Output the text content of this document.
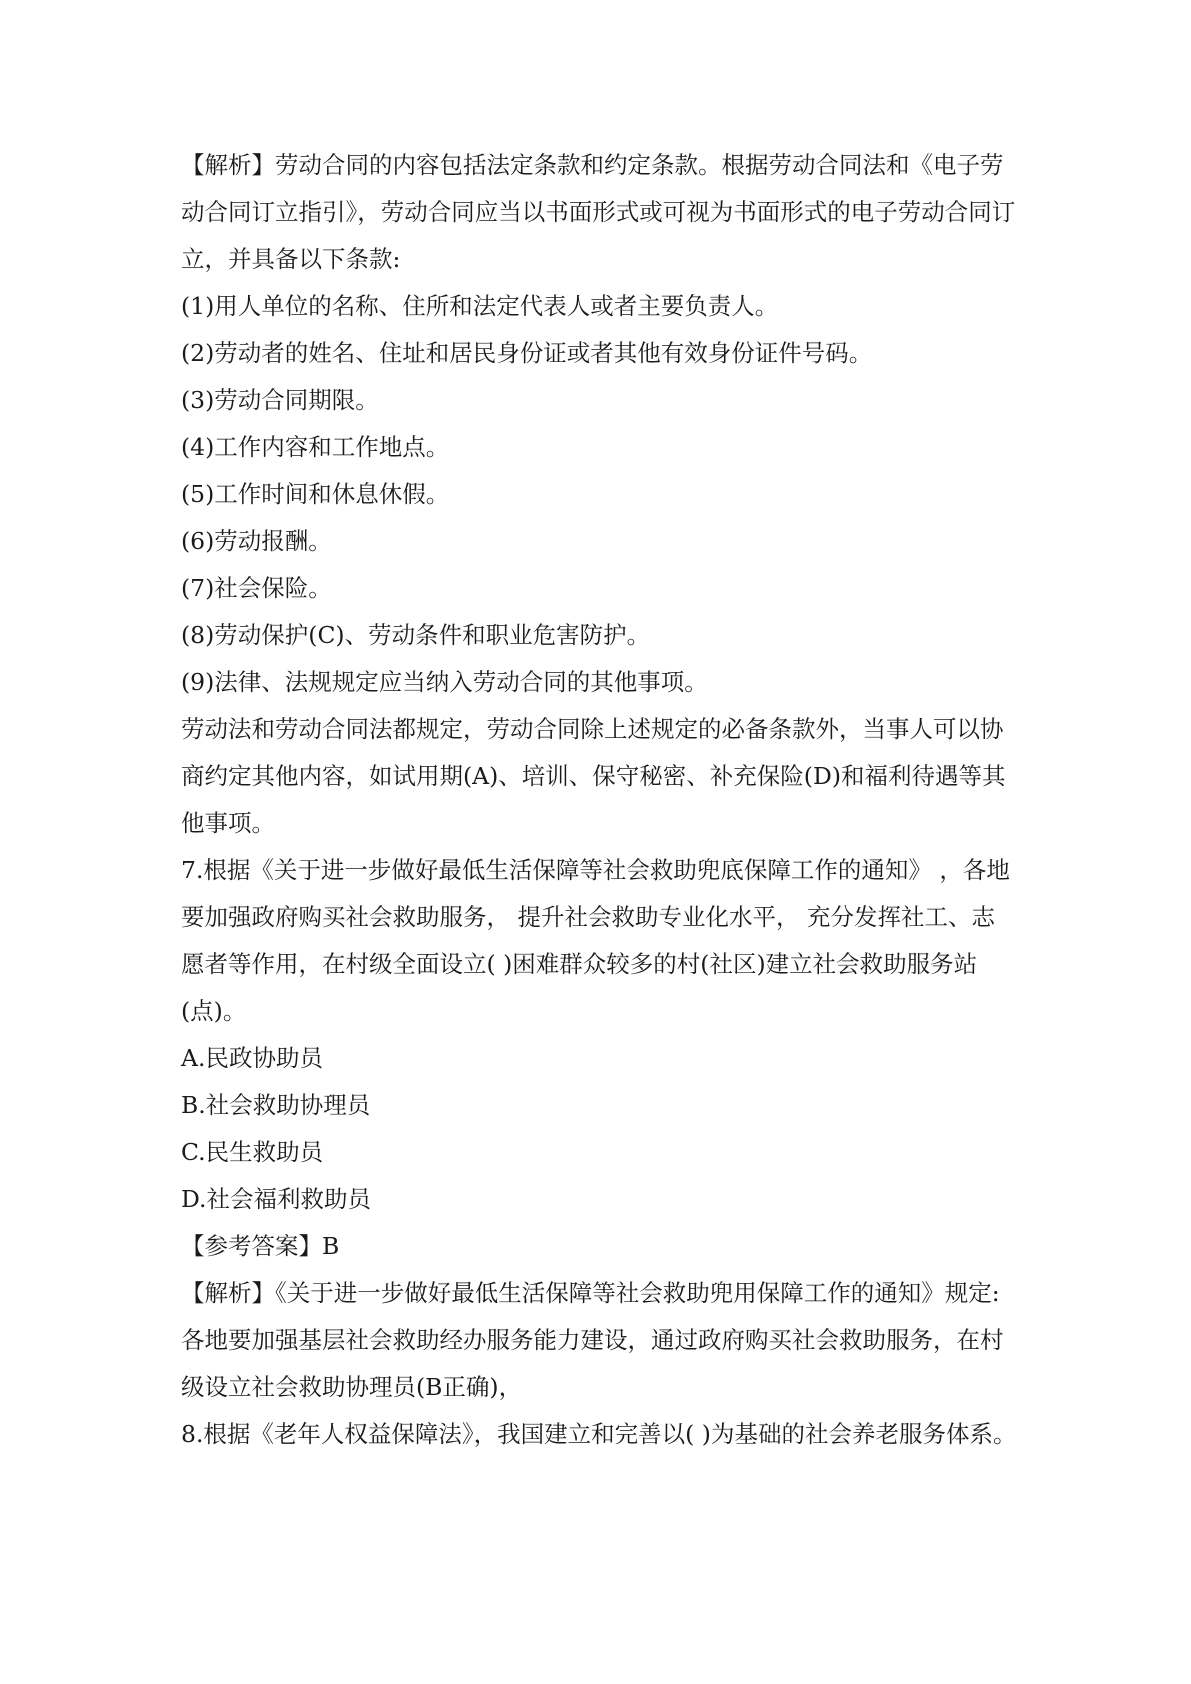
【解析】劳动合同的内容包括法定条款和约定条款。根据劳动合同法和《电子劳动合同订立指引》，劳动合同应当以书面形式或可视为书面形式的电子劳动合同订立，并具备以下条款:

(1)用人单位的名称、住所和法定代表人或者主要负责人。

(2)劳动者的姓名、住址和居民身份证或者其他有效身份证件号码。

(3)劳动合同期限。

(4)工作内容和工作地点。

(5)工作时间和休息休假。

(6)劳动报酬。

(7)社会保险。

(8)劳动保护(C)、劳动条件和职业危害防护。

(9)法律、法规规定应当纳入劳动合同的其他事项。

劳动法和劳动合同法都规定，劳动合同除上述规定的必备条款外，当事人可以协商约定其他内容，如试用期(A)、培训、保守秘密、补充保险(D)和福利待遇等其他事项。

7.根据《关于进一步做好最低生活保障等社会救助兜底保障工作的通知》 ，各地要加强政府购买社会救助服务， 提升社会救助专业化水平， 充分发挥社工、志愿者等作用，在村级全面设立( )困难群众较多的村(社区)建立社会救助服务站(点)。

A.民政协助员

B.社会救助协理员

C.民生救助员

D.社会福利救助员

【参考答案】B

【解析】《关于进一步做好最低生活保障等社会救助兜用保障工作的通知》规定:各地要加强基层社会救助经办服务能力建设，通过政府购买社会救助服务，在村级设立社会救助协理员(B正确)，

8.根据《老年人权益保障法》，我国建立和完善以( )为基础的社会养老服务体系。
